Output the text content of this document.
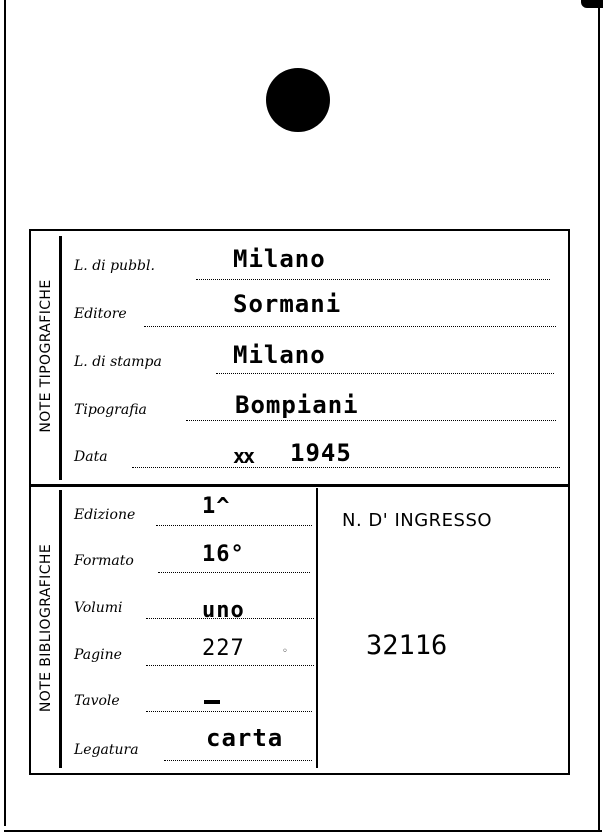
NOTE TIPOGRAFICHE
NOTE BIBLIOGRAFICHE
L. di pubbl.	Milano
Editore	Sormani
L. di stampa	Milano
Tipografia	Bompiani
Data	xx 1945
Edizione	1^
Formato	16°
Volumi	uno
Pagine	227	◦
Tavole
Legatura	carta
N. D' INGRESSO
32116
